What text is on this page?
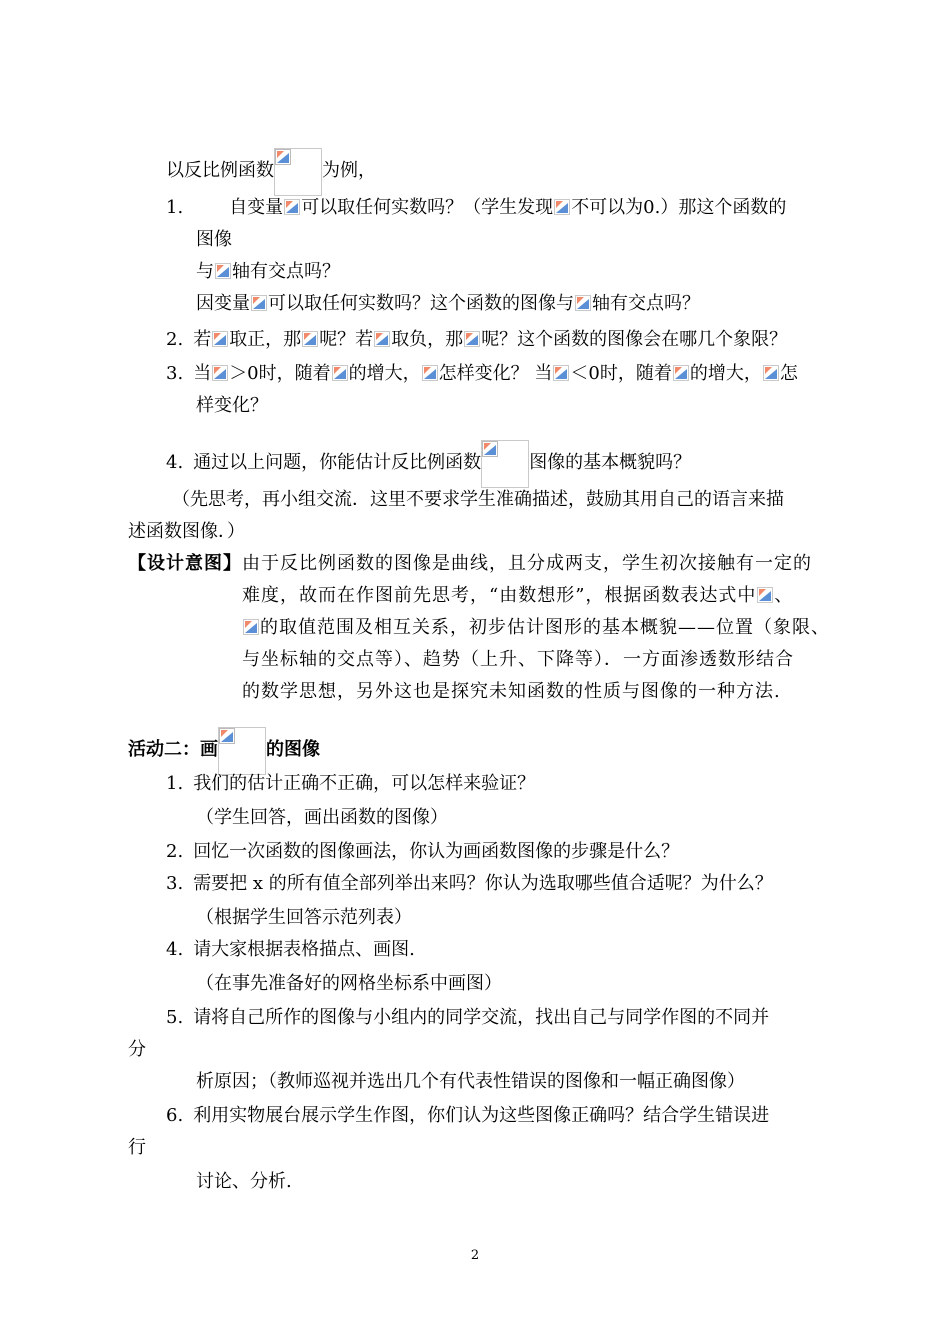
以反比例函数	为例，
1.	自变量 可以取任何实数吗？（学生发现 不可以为0.）那这个函数的
图像
与 轴有交点吗？
因变量 可以取任何实数吗？这个函数的图像与 轴有交点吗？
2. 若 取正，那 呢？若 取负，那 呢？这个函数的图像会在哪几个象限？
3. 当 ＞0时，随着 的增大， 怎样变化？ 当 ＜0时，随着 的增大， 怎
样变化？
4. 通过以上问题，你能估计反比例函数	图像的基本概貌吗？
（先思考，再小组交流．这里不要求学生准确描述，鼓励其用自己的语言来描
述函数图像．）
【设计意图】由于反比例函数的图像是曲线，且分成两支，学生初次接触有一定的
难度，故而在作图前先思考，“由数想形”，根据函数表达式中 、
的取值范围及相互关系，初步估计图形的基本概貌——位置（象限、
与坐标轴的交点等）、趋势（上升、下降等）．一方面渗透数形结合
的数学思想，另外这也是探究未知函数的性质与图像的一种方法.
活动二：画	的图像
1. 我们的估计正确不正确，可以怎样来验证？
（学生回答，画出函数的图像）
2. 回忆一次函数的图像画法，你认为画函数图像的步骤是什么？
3. 需要把 x 的所有值全部列举出来吗？你认为选取哪些值合适呢？为什么？
（根据学生回答示范列表）
4. 请大家根据表格描点、画图.
（在事先准备好的网格坐标系中画图）
5. 请将自己所作的图像与小组内的同学交流，找出自己与同学作图的不同并
分
析原因；（教师巡视并选出几个有代表性错误的图像和一幅正确图像）
6. 利用实物展台展示学生作图，你们认为这些图像正确吗？结合学生错误进
行
讨论、分析.
2
